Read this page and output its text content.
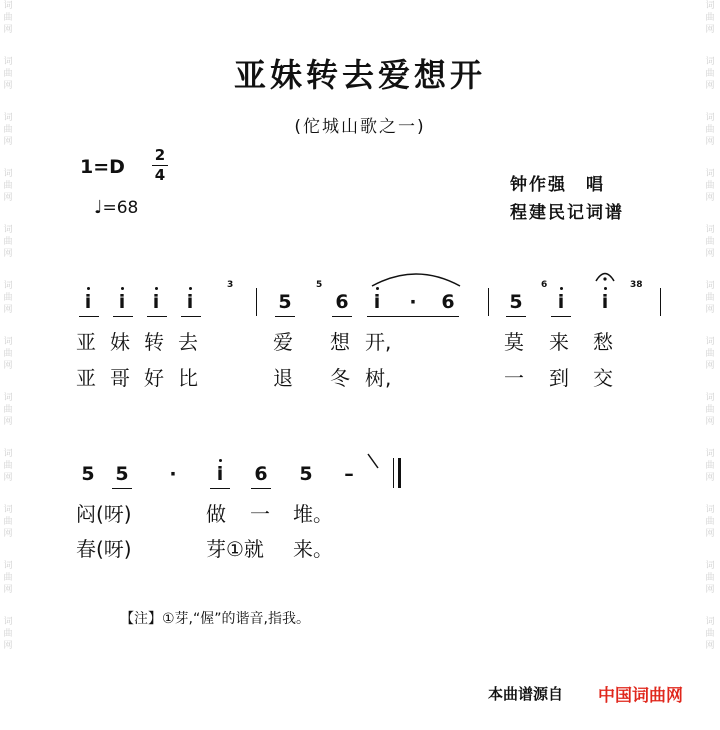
词
曲
网
词
曲
网
词
曲
网
词
曲
网
词
曲
网
词
曲
网
词
曲
网
词
曲
网
词
曲
网
词
曲
网
词
曲
网
词
曲
网
词
曲
网
词
曲
网
词
曲
网
词
曲
网
词
曲
网
词
曲
网
词
曲
网
词
曲
网
词
曲
网
词
曲
网
词
曲
网
词
曲
网
亚妹转去爱想开
(佗城山歌之一)
1=D
2
4
♩=68
钟作强　唱
程建民记词谱
i	i	i	i
3
5
5
6	i	·	6	5
6
i	i
38
亚 妹 转 去	爱 想 开,	莫 来 愁
亚 哥 好 比	退 冬 树,	一 到 交
5 5	·	i	6 5 –
闷(呀)	做 一 堆。
春(呀)	芽①就 来。
【注】①芽,“偓”的谐音,指我。
本曲谱源自 中国词曲网
